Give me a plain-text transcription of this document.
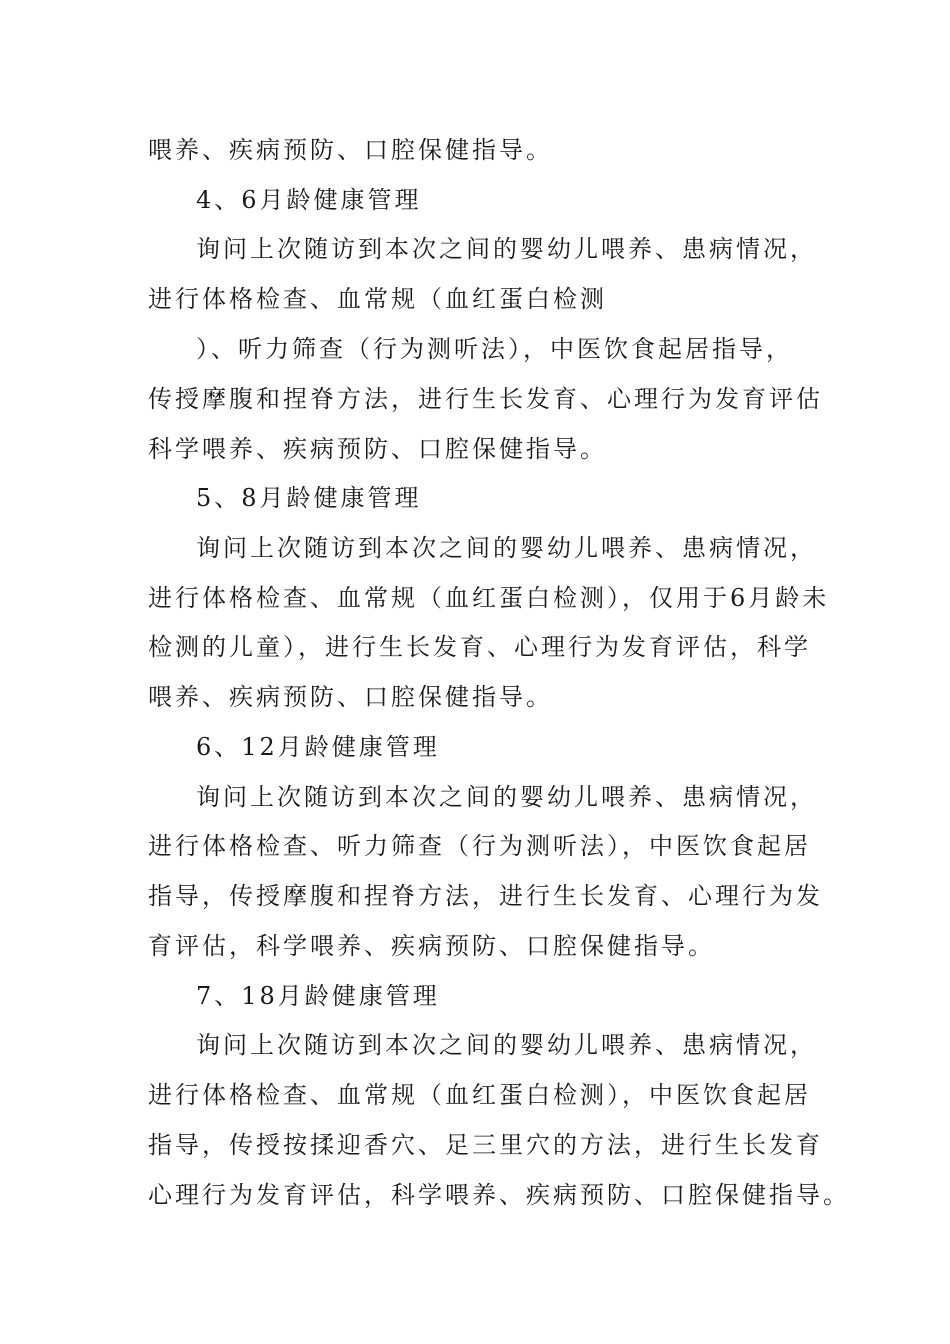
喂养、疾病预防、口腔保健指导。
4、6月龄健康管理
询问上次随访到本次之间的婴幼儿喂养、患病情况，
进行体格检查、血常规（血红蛋白检测
）、听力筛查（行为测听法），中医饮食起居指导，
传授摩腹和捏脊方法，进行生长发育、心理行为发育评估
科学喂养、疾病预防、口腔保健指导。
5、8月龄健康管理
询问上次随访到本次之间的婴幼儿喂养、患病情况，
进行体格检查、血常规（血红蛋白检测），仅用于6月龄未
检测的儿童），进行生长发育、心理行为发育评估，科学
喂养、疾病预防、口腔保健指导。
6、12月龄健康管理
询问上次随访到本次之间的婴幼儿喂养、患病情况，
进行体格检查、听力筛查（行为测听法），中医饮食起居
指导，传授摩腹和捏脊方法，进行生长发育、心理行为发
育评估，科学喂养、疾病预防、口腔保健指导。
7、18月龄健康管理
询问上次随访到本次之间的婴幼儿喂养、患病情况，
进行体格检查、血常规（血红蛋白检测），中医饮食起居
指导，传授按揉迎香穴、足三里穴的方法，进行生长发育
心理行为发育评估，科学喂养、疾病预防、口腔保健指导。
